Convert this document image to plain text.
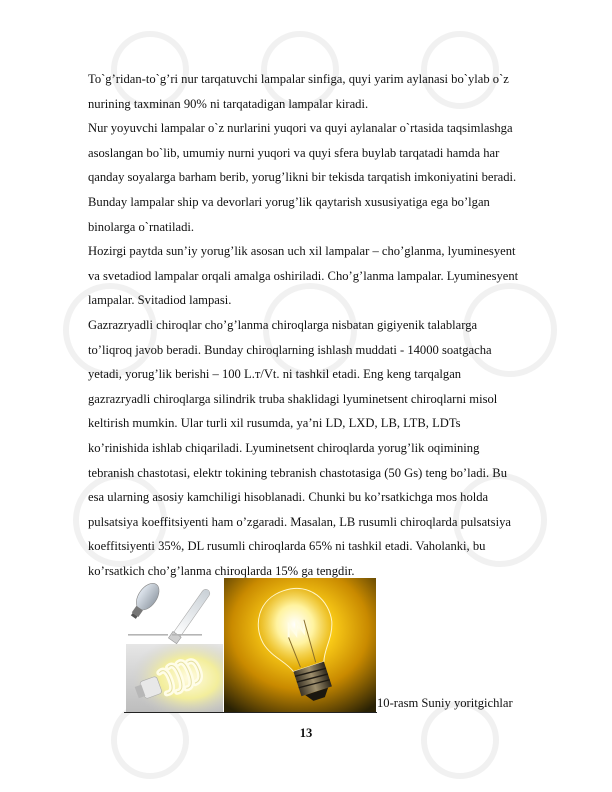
To`g’ridan-to`g’ri nur tarqatuvchi lampalar sinfiga, quyi yarim aylanasi bo`ylab o`z
nurining taxminan 90% ni tarqatadigan lampalar kiradi.
Nur yoyuvchi lampalar o`z nurlarini yuqori va quyi aylanalar o`rtasida taqsimlashga
asoslangan bo`lib, umumiy nurni yuqori va quyi sfera buylab tarqatadi hamda har
qanday soyalarga barham berib, yorug’likni bir tekisda tarqatish imkoniyatini beradi.
Bunday lampalar ship va devorlari yorug’lik qaytarish xususiyatiga ega bo’lgan
binolarga o`rnatiladi.
Hozirgi paytda sun’iy yorug’lik asosan uch xil lampalar – cho’glanma, lyuminesyent
va svetadiod lampalar orqali amalga oshiriladi. Cho’g’lanma lampalar. Lyuminesyent
lampalar. Svitadiod lampasi.
Gazrazryadli chiroqlar cho’g’lanma chiroqlarga nisbatan gigiyenik talablarga
to’liqroq javob beradi. Bunday chiroqlarning ishlash muddati - 14000 soatgacha
yetadi, yorug’lik berishi – 100 L.т/Vt. ni tashkil etadi. Eng keng tarqalgan
gazrazryadli chiroqlarga silindrik truba shaklidagi lyuminetsent chiroqlarni misol
keltirish mumkin. Ular turli xil rusumda, ya’ni LD, LXD, LB, LTB, LDTs
ko’rinishida ishlab chiqariladi. Lyuminetsent chiroqlarda yorug’lik oqimining
tebranish chastotasi, elektr tokining tebranish chastotasiga (50 Gs) teng bo’ladi. Bu
esa ularning asosiy kamchiligi hisoblanadi. Chunki bu ko’rsatkichga mos holda
pulsatsiya koeffitsiyenti ham o’zgaradi. Masalan, LB rusumli chiroqlarda pulsatsiya
koeffitsiyenti 35%, DL rusumli chiroqlarda 65% ni tashkil etadi. Vaholanki, bu
ko’rsatkich cho’g’lanma chiroqlarda 15% ga tengdir.
10-rasm Suniy yoritgichlar
13
